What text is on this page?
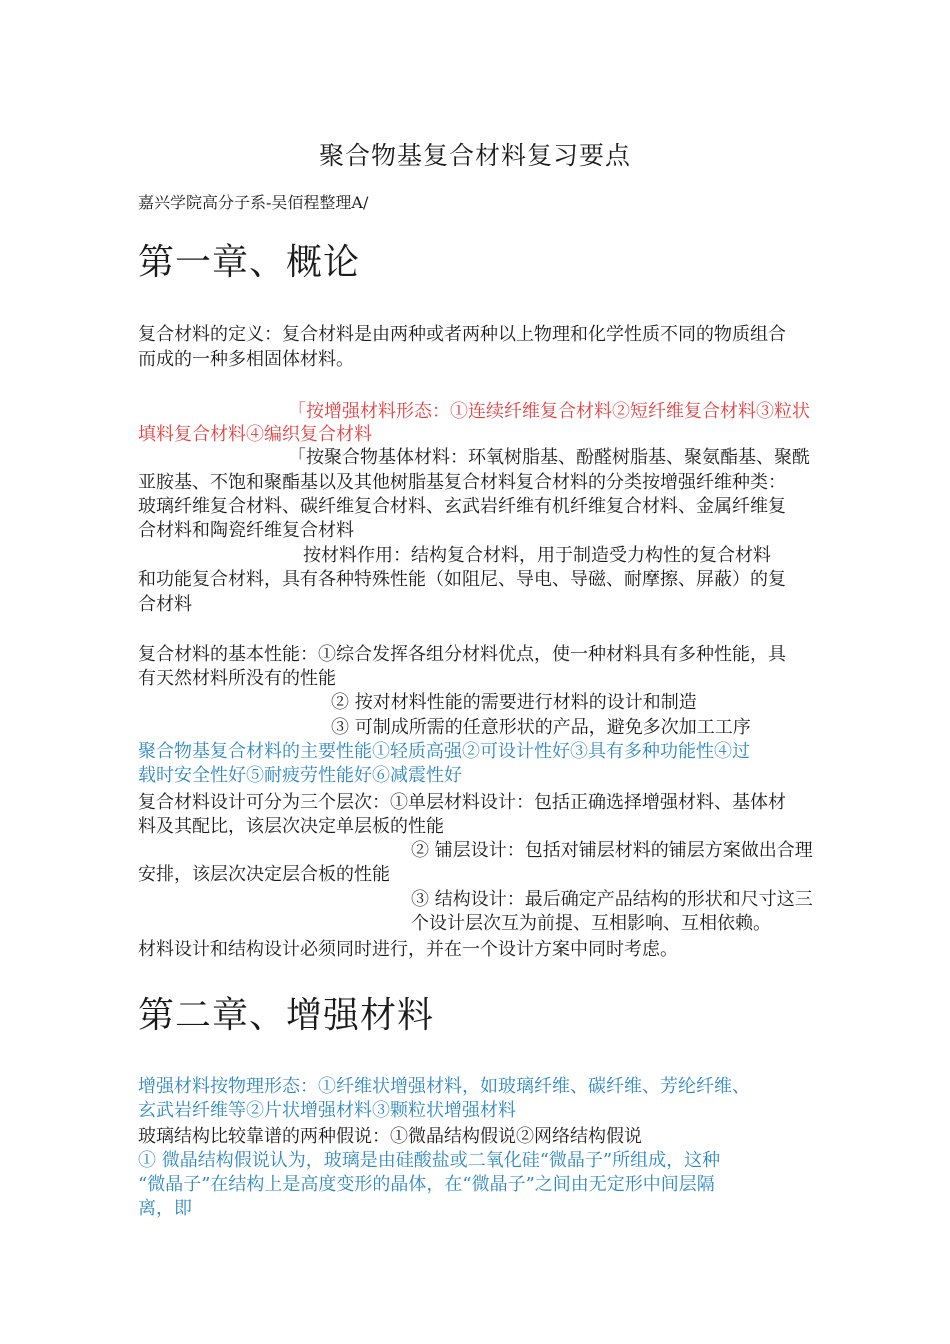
聚合物基复合材料复习要点
嘉兴学院高分子系-吴佰程整理A/
第一章、概论
复合材料的定义：复合材料是由两种或者两种以上物理和化学性质不同的物质组合
而成的一种多相固体材料。
「按增强材料形态：①连续纤维复合材料②短纤维复合材料③粒状
填料复合材料④编织复合材料
「按聚合物基体材料：环氧树脂基、酚醛树脂基、聚氨酯基、聚酰
亚胺基、不饱和聚酯基以及其他树脂基复合材料复合材料的分类按增强纤维种类：
玻璃纤维复合材料、碳纤维复合材料、玄武岩纤维有机纤维复合材料、金属纤维复
合材料和陶瓷纤维复合材料
按材料作用：结构复合材料，用于制造受力构性的复合材料
和功能复合材料，具有各种特殊性能（如阻尼、导电、导磁、耐摩擦、屏蔽）的复
合材料
复合材料的基本性能：①综合发挥各组分材料优点，使一种材料具有多种性能，具
有天然材料所没有的性能
② 按对材料性能的需要进行材料的设计和制造
③ 可制成所需的任意形状的产品，避免多次加工工序
聚合物基复合材料的主要性能①轻质高强②可设计性好③具有多种功能性④过
载时安全性好⑤耐疲劳性能好⑥减震性好
复合材料设计可分为三个层次：①单层材料设计：包括正确选择增强材料、基体材
料及其配比，该层次决定单层板的性能
② 铺层设计：包括对铺层材料的铺层方案做出合理
安排，该层次决定层合板的性能
③ 结构设计：最后确定产品结构的形状和尺寸这三
个设计层次互为前提、互相影响、互相依赖。
材料设计和结构设计必须同时进行，并在一个设计方案中同时考虑。
第二章、增强材料
增强材料按物理形态：①纤维状增强材料，如玻璃纤维、碳纤维、芳纶纤维、
玄武岩纤维等②片状增强材料③颗粒状增强材料
玻璃结构比较靠谱的两种假说：①微晶结构假说②网络结构假说
① 微晶结构假说认为，玻璃是由硅酸盐或二氧化硅“微晶子”所组成，这种
“微晶子”在结构上是高度变形的晶体，在“微晶子”之间由无定形中间层隔
离，即
